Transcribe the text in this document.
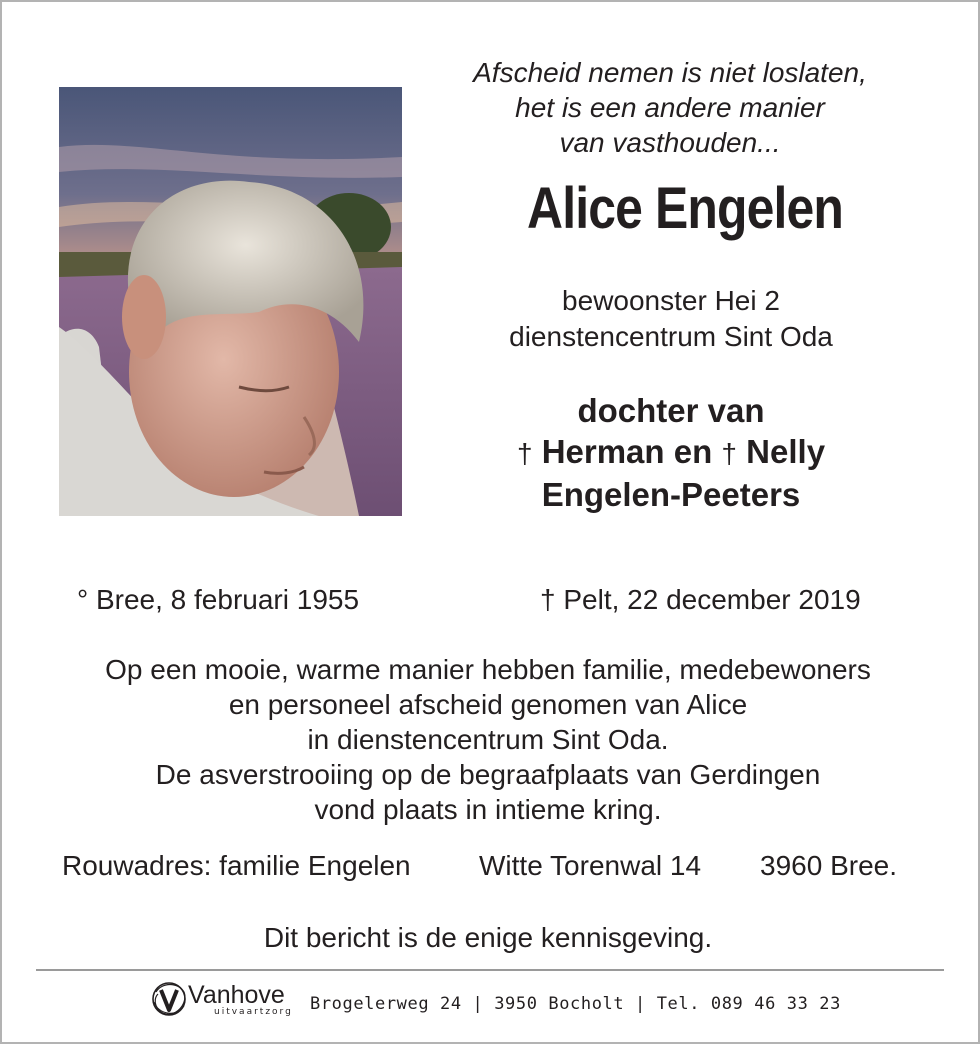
Afscheid nemen is niet loslaten,
het is een andere manier
van vasthouden...
Alice Engelen
bewoonster Hei 2
dienstencentrum Sint Oda
dochter van
† Herman en † Nelly
Engelen-Peeters
° Bree, 8 februari 1955	† Pelt, 22 december 2019
Op een mooie, warme manier hebben familie, medebewoners
en personeel afscheid genomen van Alice
in dienstencentrum Sint Oda.
De asverstrooiing op de begraafplaats van Gerdingen
vond plaats in intieme kring.
Rouwadres: familie Engelen Witte Torenwal 14 3960 Bree.
Dit bericht is de enige kennisgeving.
Vanhove
uitvaartzorg Brogelerweg 24 | 3950 Bocholt | Tel. 089 46 33 23
